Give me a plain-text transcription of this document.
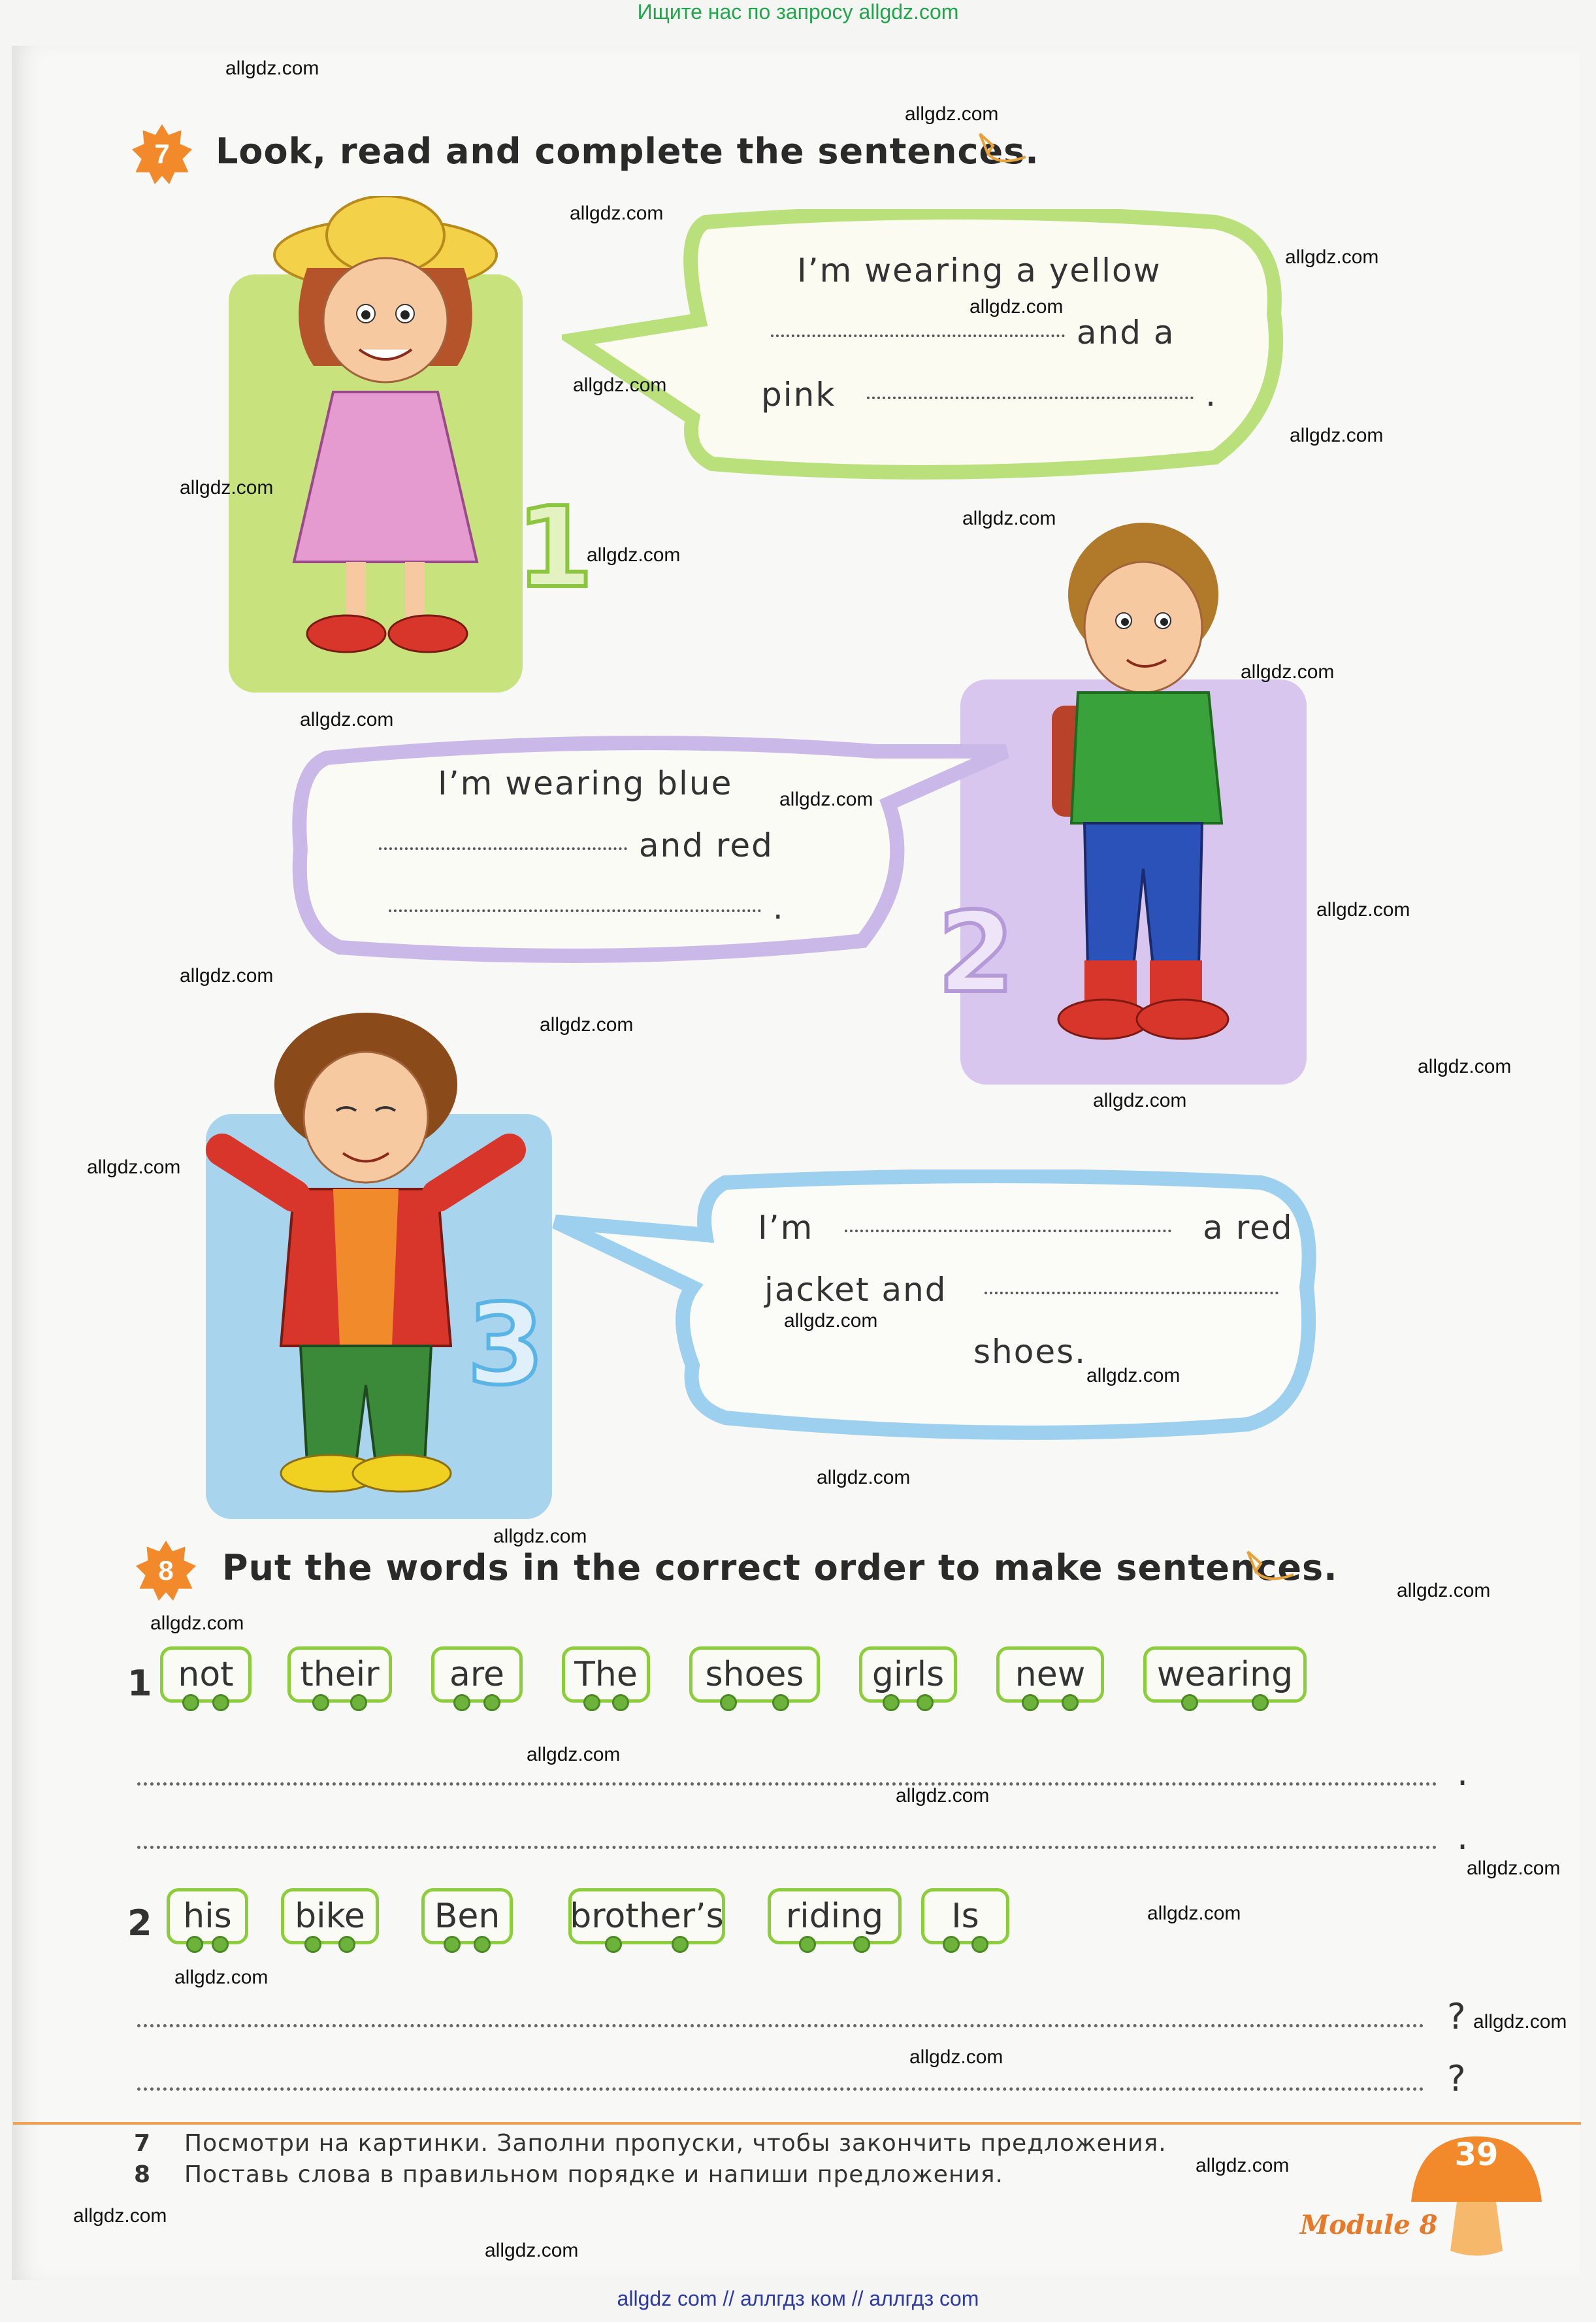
Ищите нас по запросу allgdz.com
7	Look, read and complete the sentences.
1
I’m wearing a yellow
and a
pink	.
2
I’m wearing blue
and red
.
3
I’m	a red
jacket and
shoes.
8	Put the words in the correct order to make sentences.
1 not their are The shoes girls new wearing
.
.
2 his bike Ben brother’s riding Is
?
?
7 Посмотри на картинки. Заполни пропуски, чтобы закончить предложения.
8 Поставь слова в правильном порядке и напиши предложения.
39
Module 8
allgdz.com
allgdz.com
allgdz.com
allgdz.com
allgdz.com
allgdz.com
allgdz.com
allgdz.com
allgdz.com
allgdz.com
allgdz.com
allgdz.com
allgdz.com
allgdz.com
allgdz.com
allgdz.com
allgdz.com
allgdz.com
allgdz.com
allgdz.com
allgdz.com
allgdz.com
allgdz.com
allgdz.com
allgdz.com
allgdz.com
allgdz.com
allgdz.com
allgdz.com
allgdz.com
allgdz.com
allgdz.com
allgdz.com
allgdz.com
allgdz.com
allgdz com // аллгдз ком // аллгдз com
